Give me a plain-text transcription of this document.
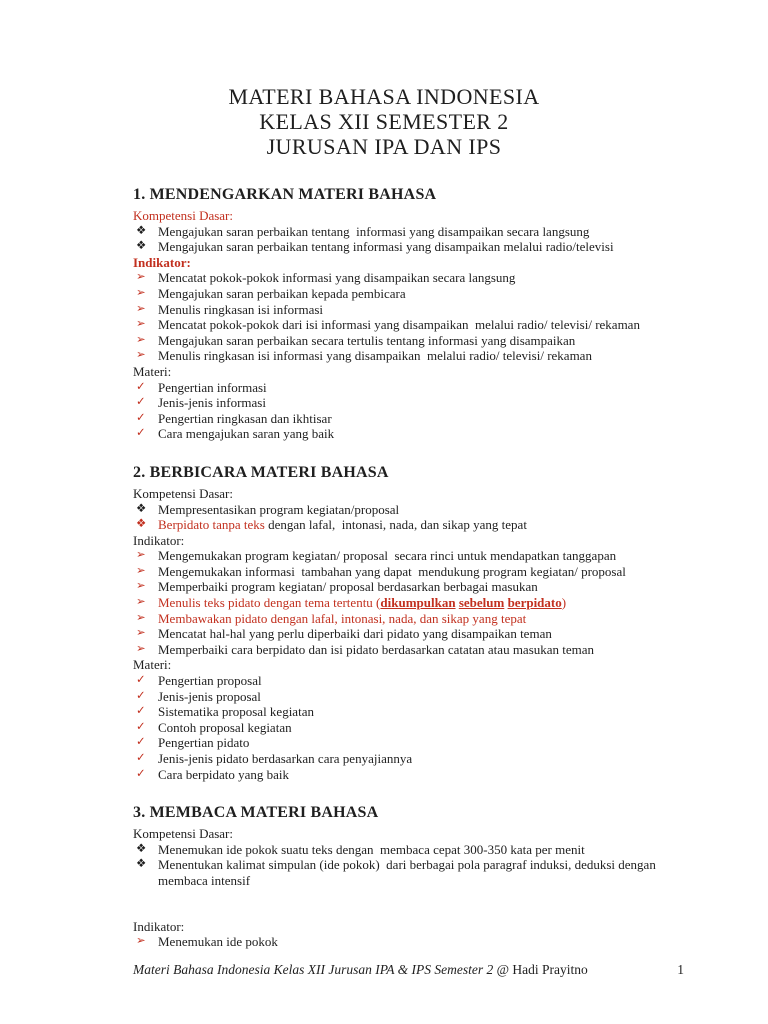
MATERI BAHASA INDONESIA
KELAS XII SEMESTER 2
JURUSAN IPA DAN IPS
1. MENDENGARKAN MATERI BAHASA
Kompetensi Dasar:
❖ Mengajukan saran perbaikan tentang  informasi yang disampaikan secara langsung
❖ Mengajukan saran perbaikan tentang informasi yang disampaikan melalui radio/televisi
Indikator:
➢ Mencatat pokok-pokok informasi yang disampaikan secara langsung
➢ Mengajukan saran perbaikan kepada pembicara
➢ Menulis ringkasan isi informasi
➢ Mencatat pokok-pokok dari isi informasi yang disampaikan  melalui radio/ televisi/ rekaman
➢ Mengajukan saran perbaikan secara tertulis tentang informasi yang disampaikan
➢ Menulis ringkasan isi informasi yang disampaikan  melalui radio/ televisi/ rekaman
Materi:
✓ Pengertian informasi
✓ Jenis-jenis informasi
✓ Pengertian ringkasan dan ikhtisar
✓ Cara mengajukan saran yang baik
2. BERBICARA MATERI BAHASA
Kompetensi Dasar:
❖ Mempresentasikan program kegiatan/proposal
❖ Berpidato tanpa teks dengan lafal,  intonasi, nada, dan sikap yang tepat
Indikator:
➢ Mengemukakan program kegiatan/ proposal  secara rinci untuk mendapatkan tanggapan
➢ Mengemukakan informasi  tambahan yang dapat  mendukung program kegiatan/ proposal
➢ Memperbaiki program kegiatan/ proposal berdasarkan berbagai masukan
➢ Menulis teks pidato dengan tema tertentu (dikumpulkan sebelum berpidato)
➢ Membawakan pidato dengan lafal, intonasi, nada, dan sikap yang tepat
➢ Mencatat hal-hal yang perlu diperbaiki dari pidato yang disampaikan teman
➢ Memperbaiki cara berpidato dan isi pidato berdasarkan catatan atau masukan teman
Materi:
✓ Pengertian proposal
✓ Jenis-jenis proposal
✓ Sistematika proposal kegiatan
✓ Contoh proposal kegiatan
✓ Pengertian pidato
✓ Jenis-jenis pidato berdasarkan cara penyajiannya
✓ Cara berpidato yang baik
3. MEMBACA MATERI BAHASA
Kompetensi Dasar:
❖ Menemukan ide pokok suatu teks dengan  membaca cepat 300-350 kata per menit
❖ Menentukan kalimat simpulan (ide pokok)  dari berbagai pola paragraf induksi, deduksi dengan membaca intensif
Indikator:
➢ Menemukan ide pokok
Materi Bahasa Indonesia Kelas XII Jurusan IPA & IPS Semester 2 @ Hadi Prayitno	1
